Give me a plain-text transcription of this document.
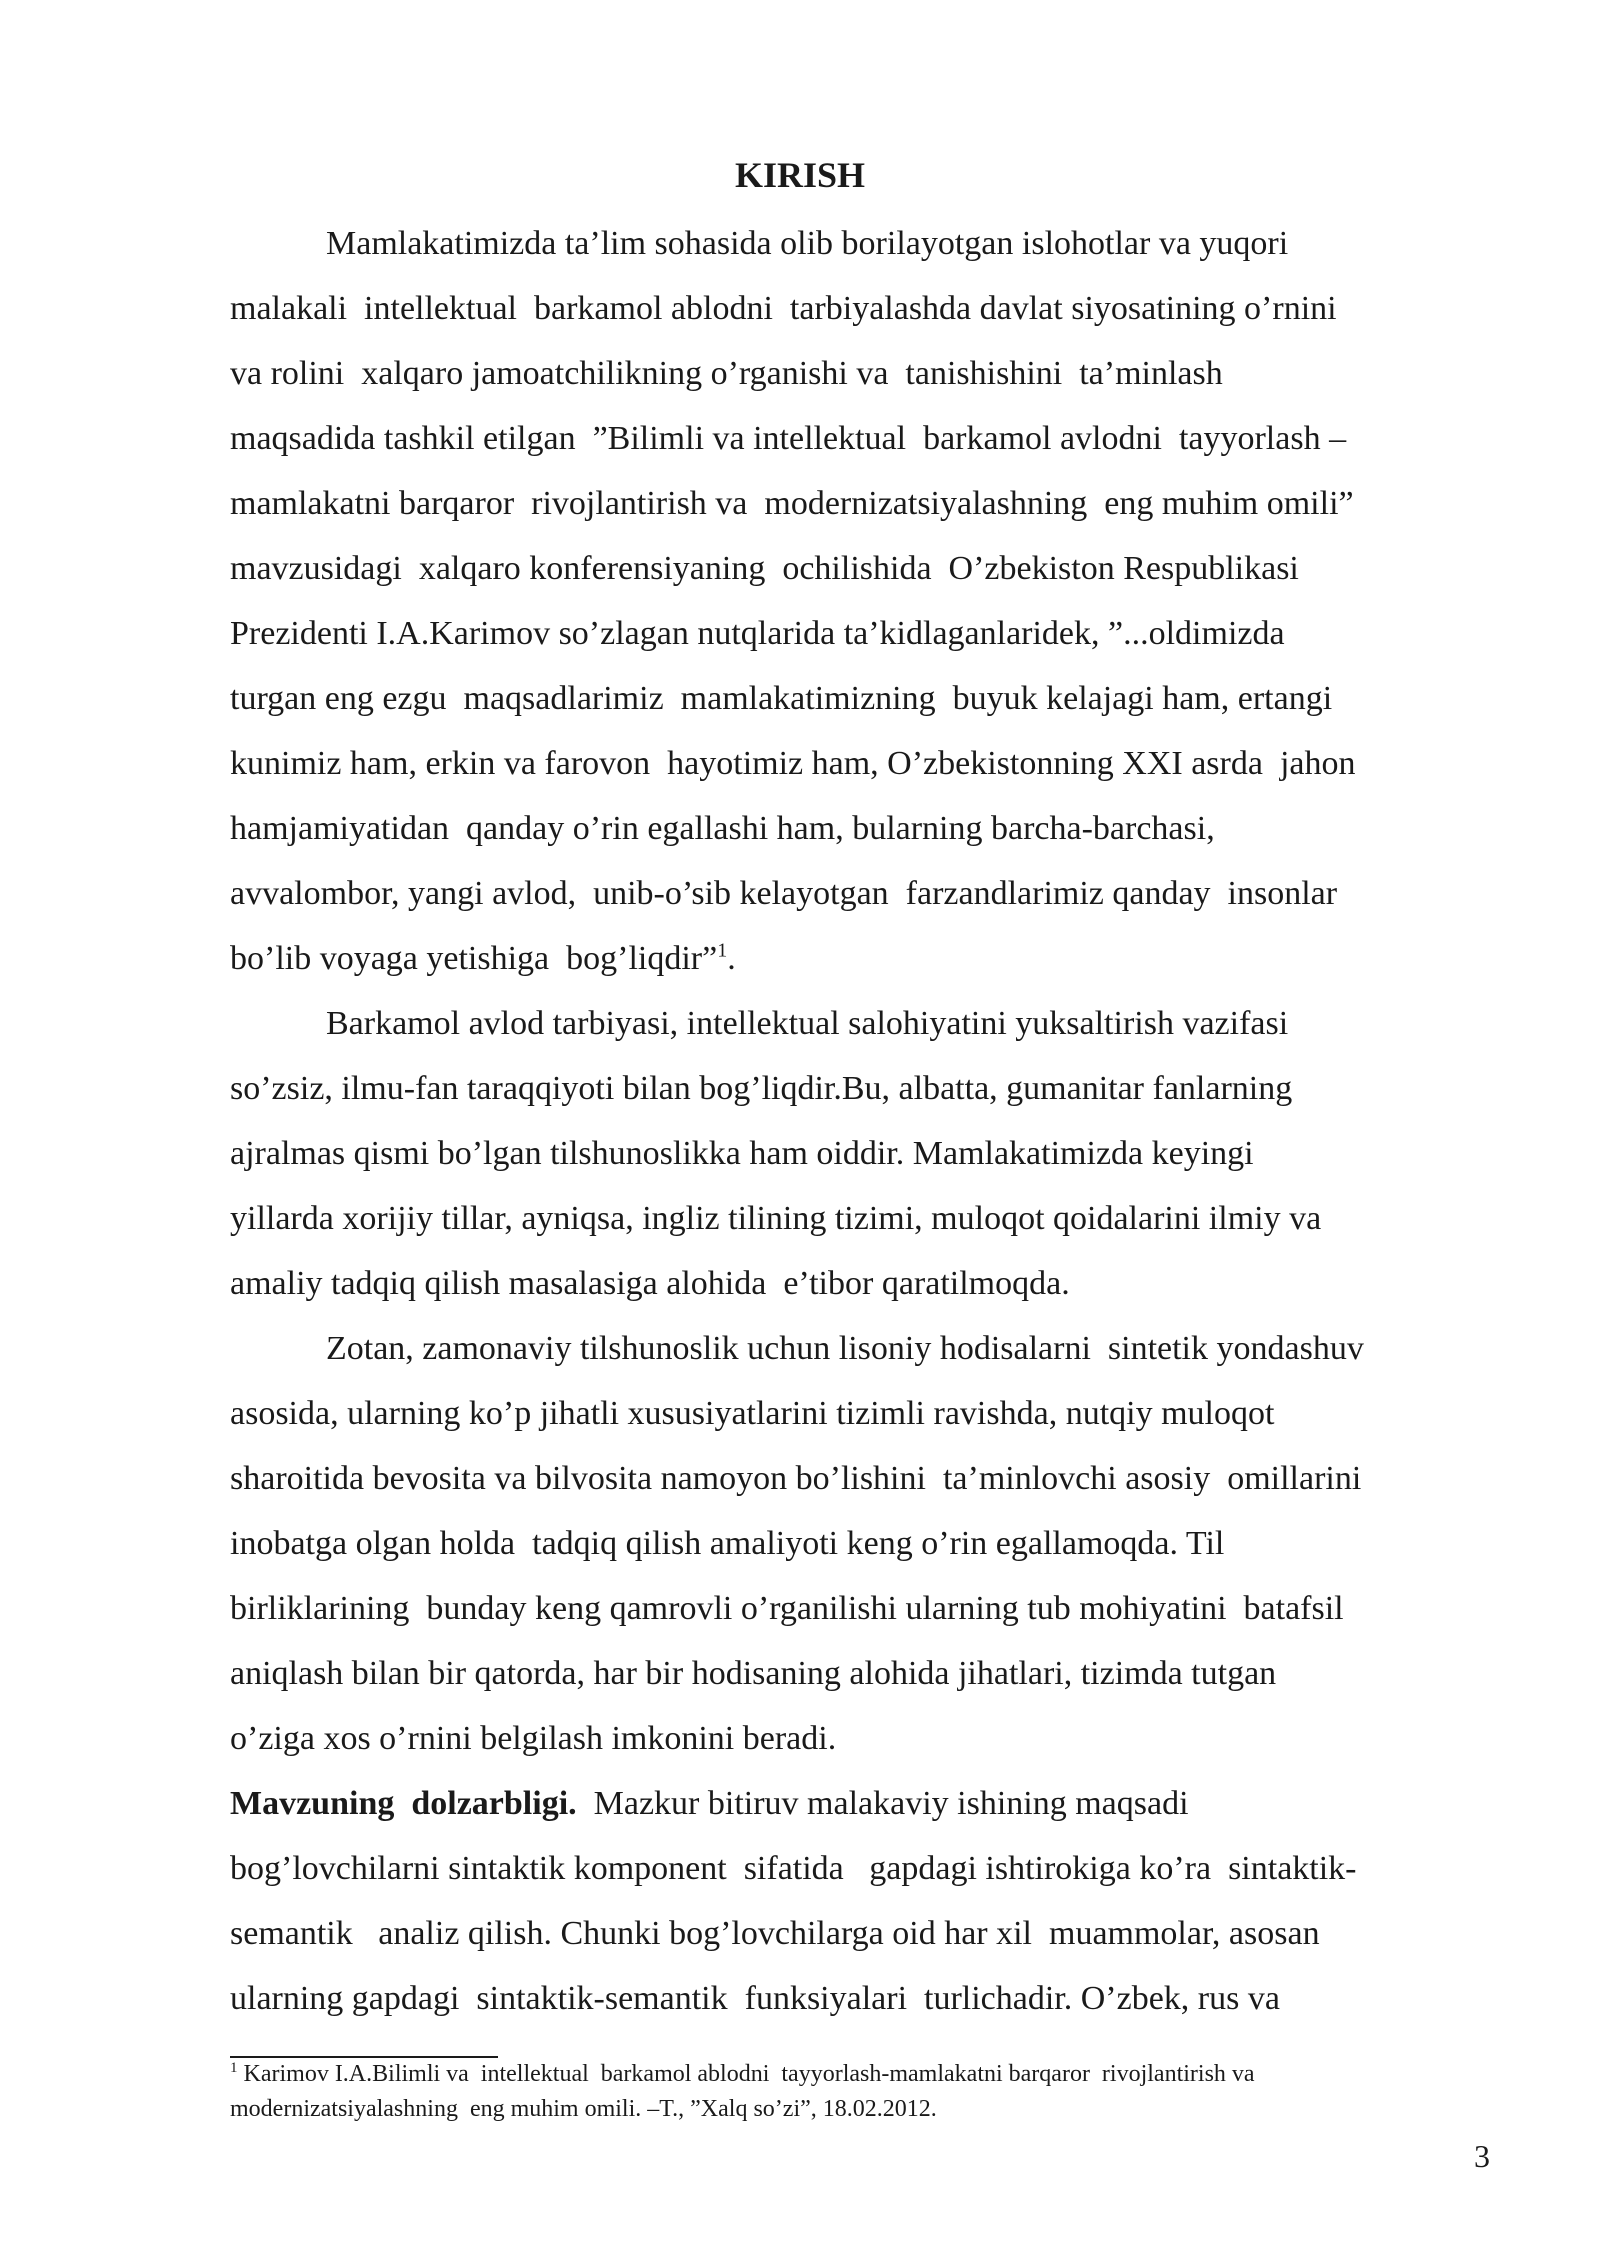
KIRISH

Mamlakatimizda ta’lim sohasida olib borilayotgan islohotlar va yuqori

malakali  intellektual  barkamol ablodni  tarbiyalashda davlat siyosatining o’rnini

va rolini  xalqaro jamoatchilikning o’rganishi va  tanishishini  ta’minlash

maqsadida tashkil etilgan  ”Bilimli va intellektual  barkamol avlodni  tayyorlash –

mamlakatni barqaror  rivojlantirish va  modernizatsiyalashning  eng muhim omili”

mavzusidagi  xalqaro konferensiyaning  ochilishida  O’zbekiston Respublikasi

Prezidenti I.A.Karimov so’zlagan nutqlarida ta’kidlaganlaridek, ”...oldimizda

turgan eng ezgu  maqsadlarimiz  mamlakatimizning  buyuk kelajagi ham, ertangi

kunimiz ham, erkin va farovon  hayotimiz ham, O’zbekistonning XXI asrda  jahon

hamjamiyatidan  qanday o’rin egallashi ham, bularning barcha-barchasi,

avvalombor, yangi avlod,  unib-o’sib kelayotgan  farzandlarimiz qanday  insonlar

bo’lib voyaga yetishiga  bog’liqdir”$^1$.

Barkamol avlod tarbiyasi, intellektual salohiyatini yuksaltirish vazifasi

so’zsiz, ilmu-fan taraqqiyoti bilan bog’liqdir.Bu, albatta, gumanitar fanlarning

ajralmas qismi bo’lgan tilshunoslikka ham oiddir. Mamlakatimizda keyingi

yillarda xorijiy tillar, ayniqsa, ingliz tilining tizimi, muloqot qoidalarini ilmiy va

amaliy tadqiq qilish masalasiga alohida  e’tibor qaratilmoqda.

Zotan, zamonaviy tilshunoslik uchun lisoniy hodisalarni  sintetik yondashuv

asosida, ularning ko’p jihatli xususiyatlarini tizimli ravishda, nutqiy muloqot

sharoitida bevosita va bilvosita namoyon bo’lishini  ta’minlovchi asosiy  omillarini

inobatga olgan holda  tadqiq qilish amaliyoti keng o’rin egallamoqda. Til

birliklarining  bunday keng qamrovli o’rganilishi ularning tub mohiyatini  batafsil

aniqlash bilan bir qatorda, har bir hodisaning alohida jihatlari, tizimda tutgan

o’ziga xos o’rnini belgilash imkonini beradi.

Mavzuning  dolzarbligi.  Mazkur bitiruv malakaviy ishining maqsadi

bog’lovchilarni sintaktik komponent  sifatida   gapdagi ishtirokiga ko’ra  sintaktik-

semantik   analiz qilish. Chunki bog’lovchilarga oid har xil  muammolar, asosan

ularning gapdagi  sintaktik-semantik  funksiyalari  turlichadir. O’zbek, rus va

$^1$ Karimov I.A.Bilimli va  intellektual  barkamol ablodni  tayyorlash-mamlakatni barqaror  rivojlantirish va

modernizatsiyalashning  eng muhim omili. –T., ”Xalq so’zi”, 18.02.2012.

3
